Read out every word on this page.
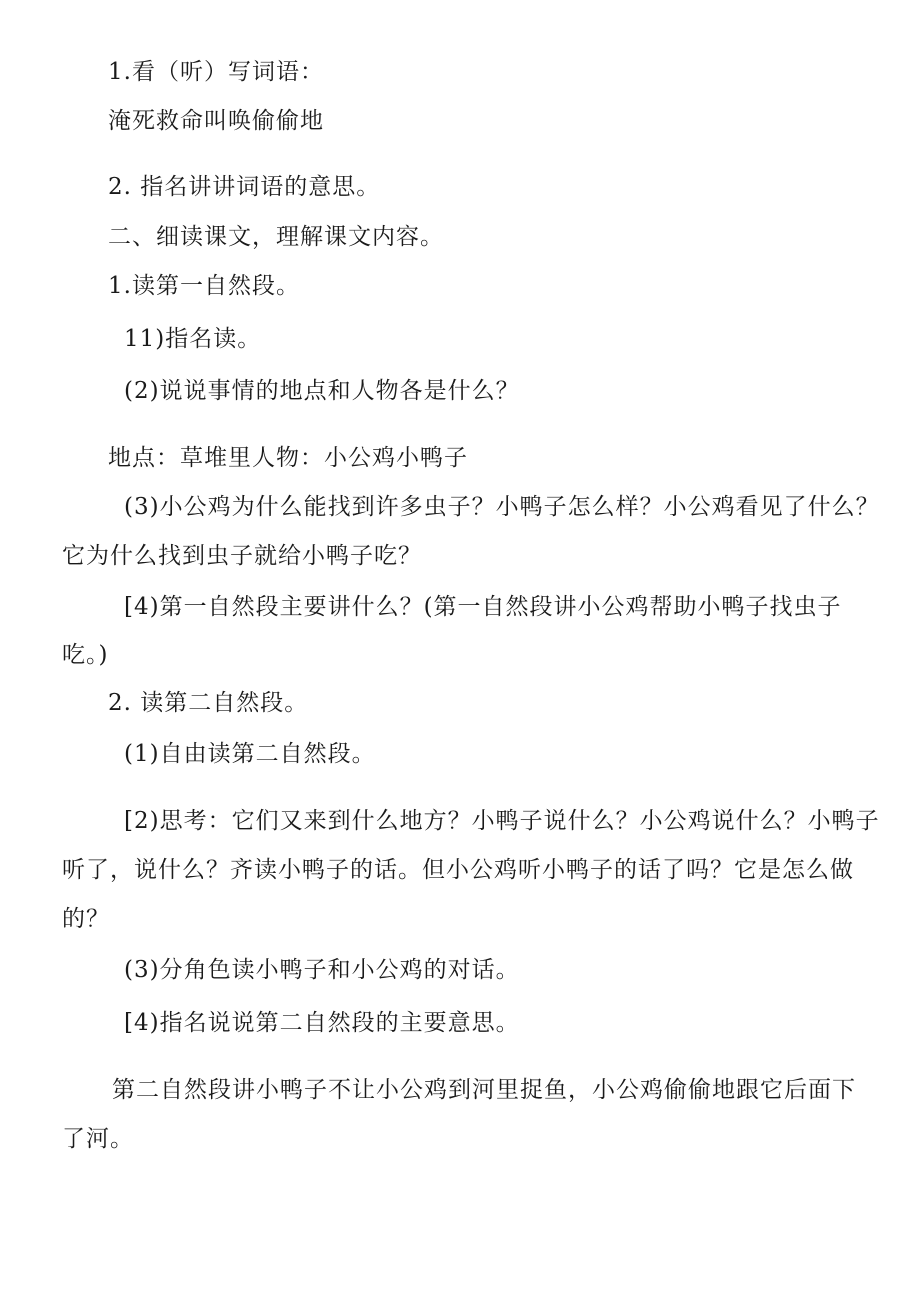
1.看（听）写词语：
淹死救命叫唤偷偷地
2. 指名讲讲词语的意思。
二、细读课文，理解课文内容。
1.读第一自然段。
11)指名读。
(2)说说事情的地点和人物各是什么？
地点：草堆里人物：小公鸡小鸭子
(3)小公鸡为什么能找到许多虫子？小鸭子怎么样？小公鸡看见了什么？
它为什么找到虫子就给小鸭子吃？
[4)第一自然段主要讲什么？(第一自然段讲小公鸡帮助小鸭子找虫子
吃。)
2. 读第二自然段。
(1)自由读第二自然段。
[2)思考：它们又来到什么地方？小鸭子说什么？小公鸡说什么？小鸭子
听了，说什么？齐读小鸭子的话。但小公鸡听小鸭子的话了吗？它是怎么做
的？
(3)分角色读小鸭子和小公鸡的对话。
[4)指名说说第二自然段的主要意思。
第二自然段讲小鸭子不让小公鸡到河里捉鱼，小公鸡偷偷地跟它后面下
了河。
